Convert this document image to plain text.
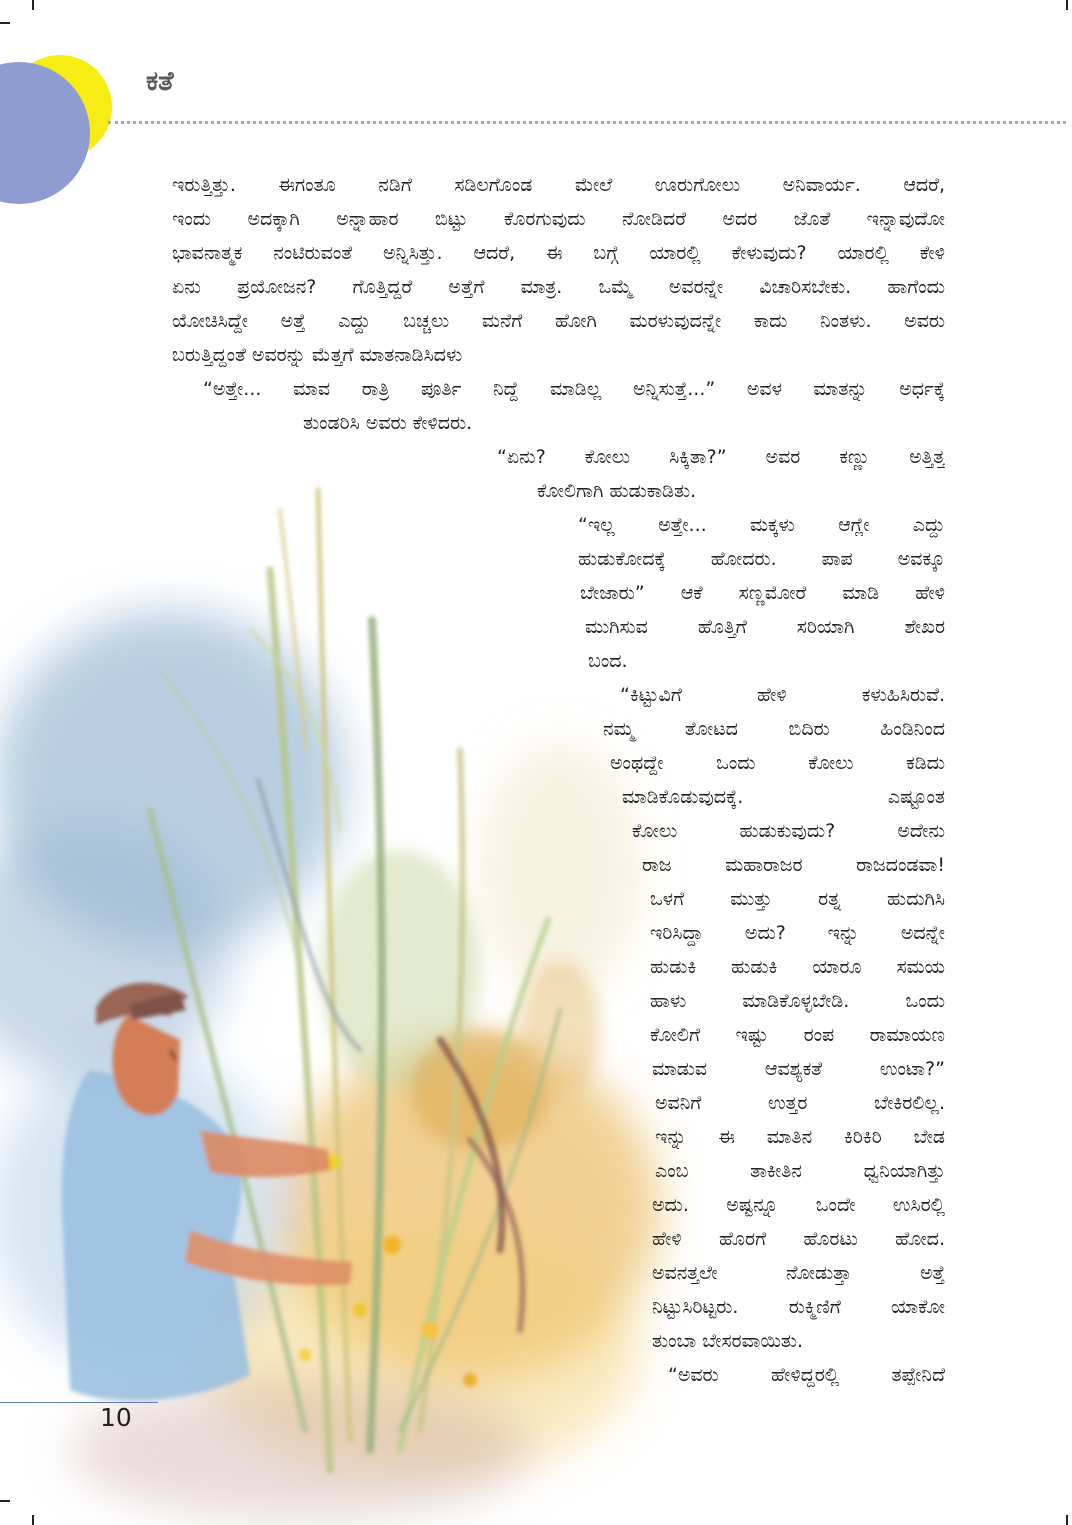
ಕತೆ
ಇರುತ್ತಿತ್ತು. ಈಗಂತೂ ನಡಿಗೆ ಸಡಿಲಗೊಂಡ ಮೇಲೆ ಊರುಗೋಲು ಅನಿವಾರ್ಯ. ಆದರೆ,
ಇಂದು ಅದಕ್ಕಾಗಿ ಅನ್ನಾಹಾರ ಬಿಟ್ಟು ಕೊರಗುವುದು ನೋಡಿದರೆ ಅದರ ಜೊತೆ ಇನ್ನಾವುದೋ
ಭಾವನಾತ್ಮಕ ನಂಟಿರುವಂತೆ ಅನ್ನಿಸಿತ್ತು. ಆದರೆ, ಈ ಬಗ್ಗೆ ಯಾರಲ್ಲಿ ಕೇಳುವುದು? ಯಾರಲ್ಲಿ ಕೇಳಿ
ಏನು ಪ್ರಯೋಜನ? ಗೊತ್ತಿದ್ದರೆ ಅತ್ತೆಗೆ ಮಾತ್ರ. ಒಮ್ಮೆ ಅವರನ್ನೇ ವಿಚಾರಿಸಬೇಕು. ಹಾಗೆಂದು
ಯೋಚಿಸಿದ್ದೇ ಅತ್ತೆ ಎದ್ದು ಬಚ್ಚಲು ಮನೆಗೆ ಹೋಗಿ ಮರಳುವುದನ್ನೇ ಕಾದು ನಿಂತಳು. ಅವರು
ಬರುತ್ತಿದ್ದಂತೆ ಅವರನ್ನು ಮೆತ್ತಗೆ ಮಾತನಾಡಿಸಿದಳು
“ಅತ್ತೇ... ಮಾವ ರಾತ್ರಿ ಪೂರ್ತಿ ನಿದ್ದೆ ಮಾಡಿಲ್ಲ ಅನ್ನಿಸುತ್ತೆ...” ಅವಳ ಮಾತನ್ನು ಅರ್ಧಕ್ಕೆ
ತುಂಡರಿಸಿ ಅವರು ಕೇಳಿದರು.
“ಏನು? ಕೋಲು ಸಿಕ್ಕಿತಾ?” ಅವರ ಕಣ್ಣು ಅತ್ತಿತ್ತ
ಕೋಲಿಗಾಗಿ ಹುಡುಕಾಡಿತು.
“ಇಲ್ಲ ಅತ್ತೇ... ಮಕ್ಕಳು ಆಗ್ಲೇ ಎದ್ದು
ಹುಡುಕೋದಕ್ಕೆ ಹೋದರು. ಪಾಪ ಅವಕ್ಕೂ
ಬೇಜಾರು” ಆಕೆ ಸಣ್ಣಮೋರೆ ಮಾಡಿ ಹೇಳಿ
ಮುಗಿಸುವ ಹೊತ್ತಿಗೆ ಸರಿಯಾಗಿ ಶೇಖರ
ಬಂದ.
“ಕಿಟ್ಟುವಿಗೆ ಹೇಳಿ ಕಳುಹಿಸಿರುವೆ.
ನಮ್ಮ ತೋಟದ ಬಿದಿರು ಹಿಂಡಿನಿಂದ
ಅಂಥದ್ದೇ ಒಂದು ಕೋಲು ಕಡಿದು
ಮಾಡಿಕೊಡುವುದಕ್ಕೆ. ಎಷ್ಟೂಂತ
ಕೋಲು ಹುಡುಕುವುದು? ಅದೇನು
ರಾಜ ಮಹಾರಾಜರ ರಾಜದಂಡವಾ!
ಒಳಗೆ ಮುತ್ತು ರತ್ನ ಹುದುಗಿಸಿ
ಇರಿಸಿದ್ದಾ ಅದು? ಇನ್ನು ಅದನ್ನೇ
ಹುಡುಕಿ ಹುಡುಕಿ ಯಾರೂ ಸಮಯ
ಹಾಳು ಮಾಡಿಕೊಳ್ಳಬೇಡಿ. ಒಂದು
ಕೋಲಿಗೆ ಇಷ್ಟು ರಂಪ ರಾಮಾಯಣ
ಮಾಡುವ ಆವಶ್ಯಕತೆ ಉಂಟಾ?”
ಅವನಿಗೆ ಉತ್ತರ ಬೇಕಿರಲಿಲ್ಲ.
ಇನ್ನು ಈ ಮಾತಿನ ಕಿರಿಕಿರಿ ಬೇಡ
ಎಂಬ ತಾಕೀತಿನ ಧ್ವನಿಯಾಗಿತ್ತು
ಅದು. ಅಷ್ಟನ್ನೂ ಒಂದೇ ಉಸಿರಲ್ಲಿ
ಹೇಳಿ ಹೊರಗೆ ಹೊರಟು ಹೋದ.
ಅವನತ್ತಲೇ ನೋಡುತ್ತಾ ಅತ್ತೆ
ನಿಟ್ಟುಸಿರಿಟ್ಟರು. ರುಕ್ಮಿಣಿಗೆ ಯಾಕೋ
ತುಂಬಾ ಬೇಸರವಾಯಿತು.
“ಅವರು ಹೇಳಿದ್ದರಲ್ಲಿ ತಪ್ಪೇನಿದೆ
10
